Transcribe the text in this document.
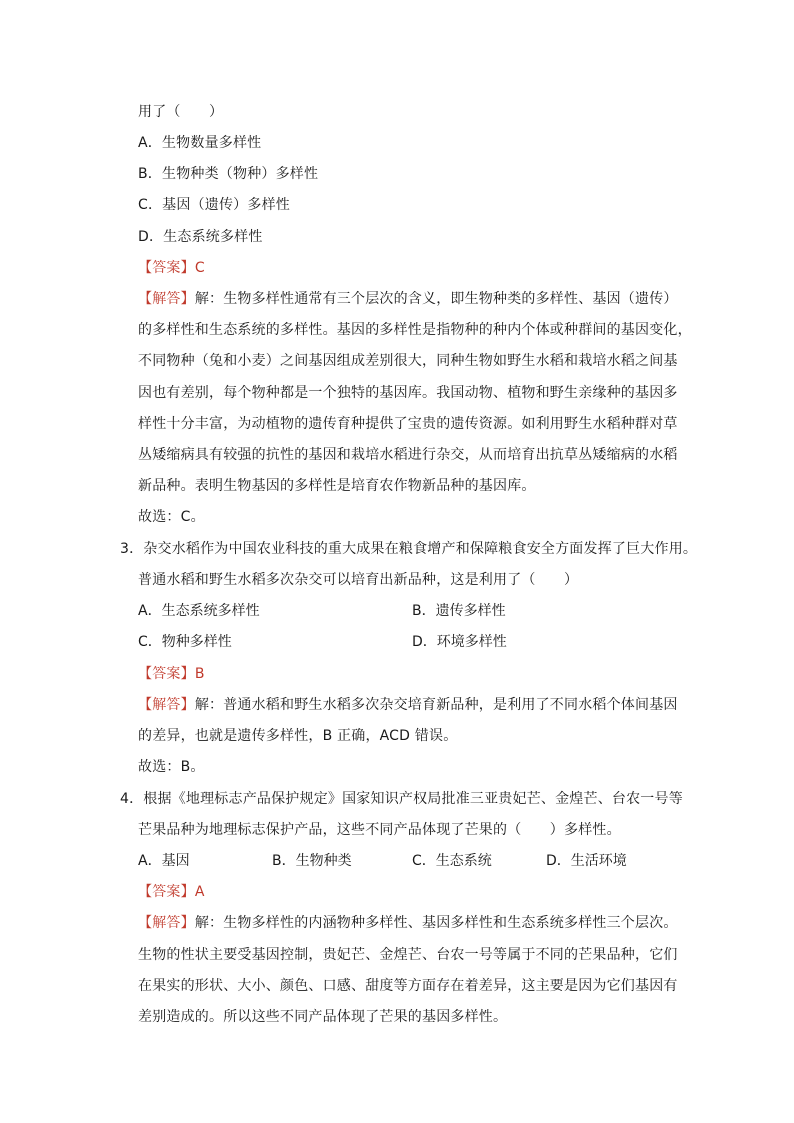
用了（　　）
A．生物数量多样性
B．生物种类（物种）多样性
C．基因（遗传）多样性
D．生态系统多样性
【答案】C
【解答】解：生物多样性通常有三个层次的含义，即生物种类的多样性、基因（遗传）
的多样性和生态系统的多样性。基因的多样性是指物种的种内个体或种群间的基因变化，
不同物种（兔和小麦）之间基因组成差别很大，同种生物如野生水稻和栽培水稻之间基
因也有差别，每个物种都是一个独特的基因库。我国动物、植物和野生亲缘种的基因多
样性十分丰富，为动植物的遗传育种提供了宝贵的遗传资源。如利用野生水稻种群对草
丛矮缩病具有较强的抗性的基因和栽培水稻进行杂交，从而培育出抗草丛矮缩病的水稻
新品种。表明生物基因的多样性是培育农作物新品种的基因库。
故选：C。
3．杂交水稻作为中国农业科技的重大成果在粮食增产和保障粮食安全方面发挥了巨大作用。
普通水稻和野生水稻多次杂交可以培育出新品种，这是利用了（　　）
A．生态系统多样性	B．遗传多样性
C．物种多样性	D．环境多样性
【答案】B
【解答】解：普通水稻和野生水稻多次杂交培育新品种，是利用了不同水稻个体间基因
的差异，也就是遗传多样性，B 正确，ACD 错误。
故选：B。
4．根据《地理标志产品保护规定》国家知识产权局批准三亚贵妃芒、金煌芒、台农一号等
芒果品种为地理标志保护产品，这些不同产品体现了芒果的（　　）多样性。
A．基因	B．生物种类	C．生态系统	D．生活环境
【答案】A
【解答】解：生物多样性的内涵物种多样性、基因多样性和生态系统多样性三个层次。
生物的性状主要受基因控制，贵妃芒、金煌芒、台农一号等属于不同的芒果品种，它们
在果实的形状、大小、颜色、口感、甜度等方面存在着差异，这主要是因为它们基因有
差别造成的。所以这些不同产品体现了芒果的基因多样性。
